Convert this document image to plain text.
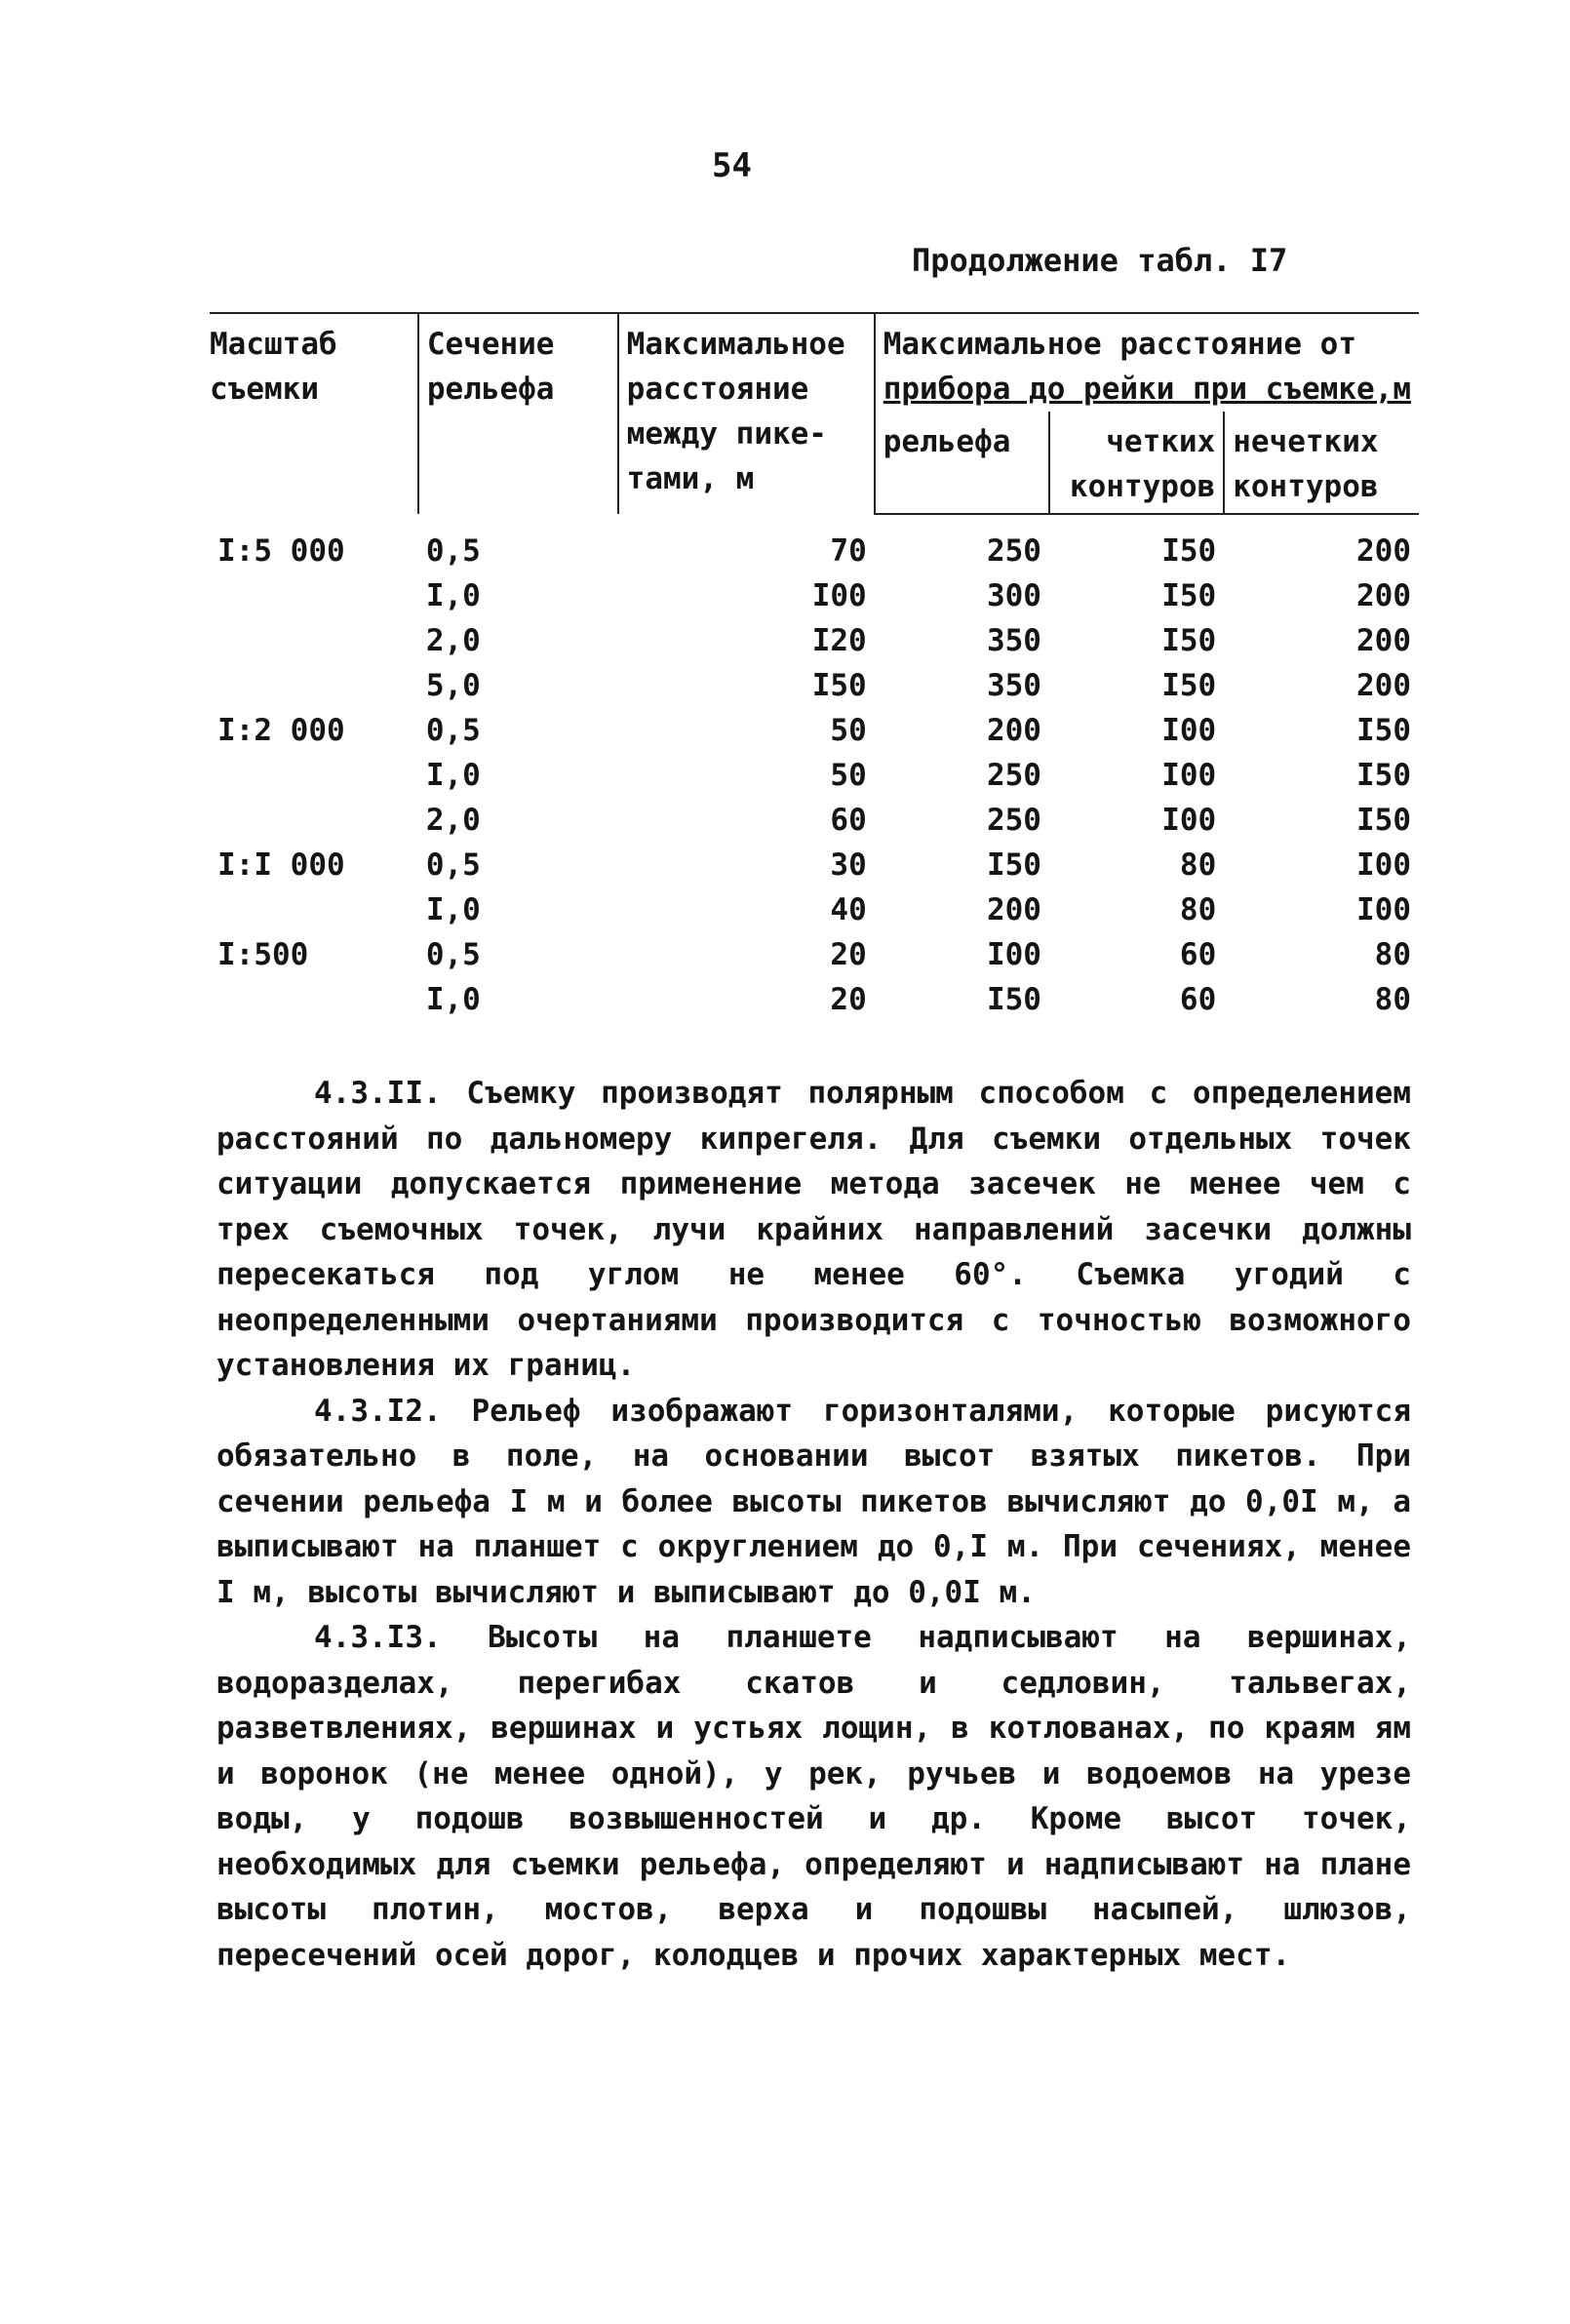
54
Продолжение табл. I7
Масштаб съемки	Сечение рельефа	Максимальное расстояние между пике-тами, м	Максимальное расстояние от
прибора до рейки при съемке,м		

			рельефа	четких контуров	нечетких контуров
I:5 000	0,5	70	250	I50	200
	I,0	I00	300	I50	200
	2,0	I20	350	I50	200
	5,0	I50	350	I50	200
I:2 000	0,5	50	200	I00	I50
	I,0	50	250	I00	I50
	2,0	60	250	I00	I50
I:I 000	0,5	30	I50	80	I00
	I,0	40	200	80	I00
I:500	0,5	20	I00	60	80
	I,0	20	I50	60	80

4.3.II. Съемку производят полярным способом с определением расстояний по дальномеру кипрегеля. Для съемки отдельных точек ситуации допускается применение метода засечек не менее чем с трех съемочных точек, лучи крайних направлений засечки должны пересекаться под углом не менее 60°. Съемка угодий с неопределенными очертаниями производится с точностью возможного установления их границ.

4.3.I2. Рельеф изображают горизонталями, которые рисуются обязательно в поле, на основании высот взятых пикетов. При сечении рельефа I м и более высоты пикетов вычисляют до 0,0I м, а выписывают на планшет с округлением до 0,I м. При сечениях, менее I м, высоты вычисляют и выписывают до 0,0I м.

4.3.I3. Высоты на планшете надписывают на вершинах, водоразделах, перегибах скатов и седловин, тальвегах, разветвлениях, вершинах и устьях лощин, в котлованах, по краям ям и воронок (не менее одной), у рек, ручьев и водоемов на урезе воды, у подошв возвышенностей и др. Кроме высот точек, необходимых для съемки рельефа, определяют и надписывают на плане высоты плотин, мостов, верха и подошвы насыпей, шлюзов, пересечений осей дорог, колодцев и прочих характерных мест.
